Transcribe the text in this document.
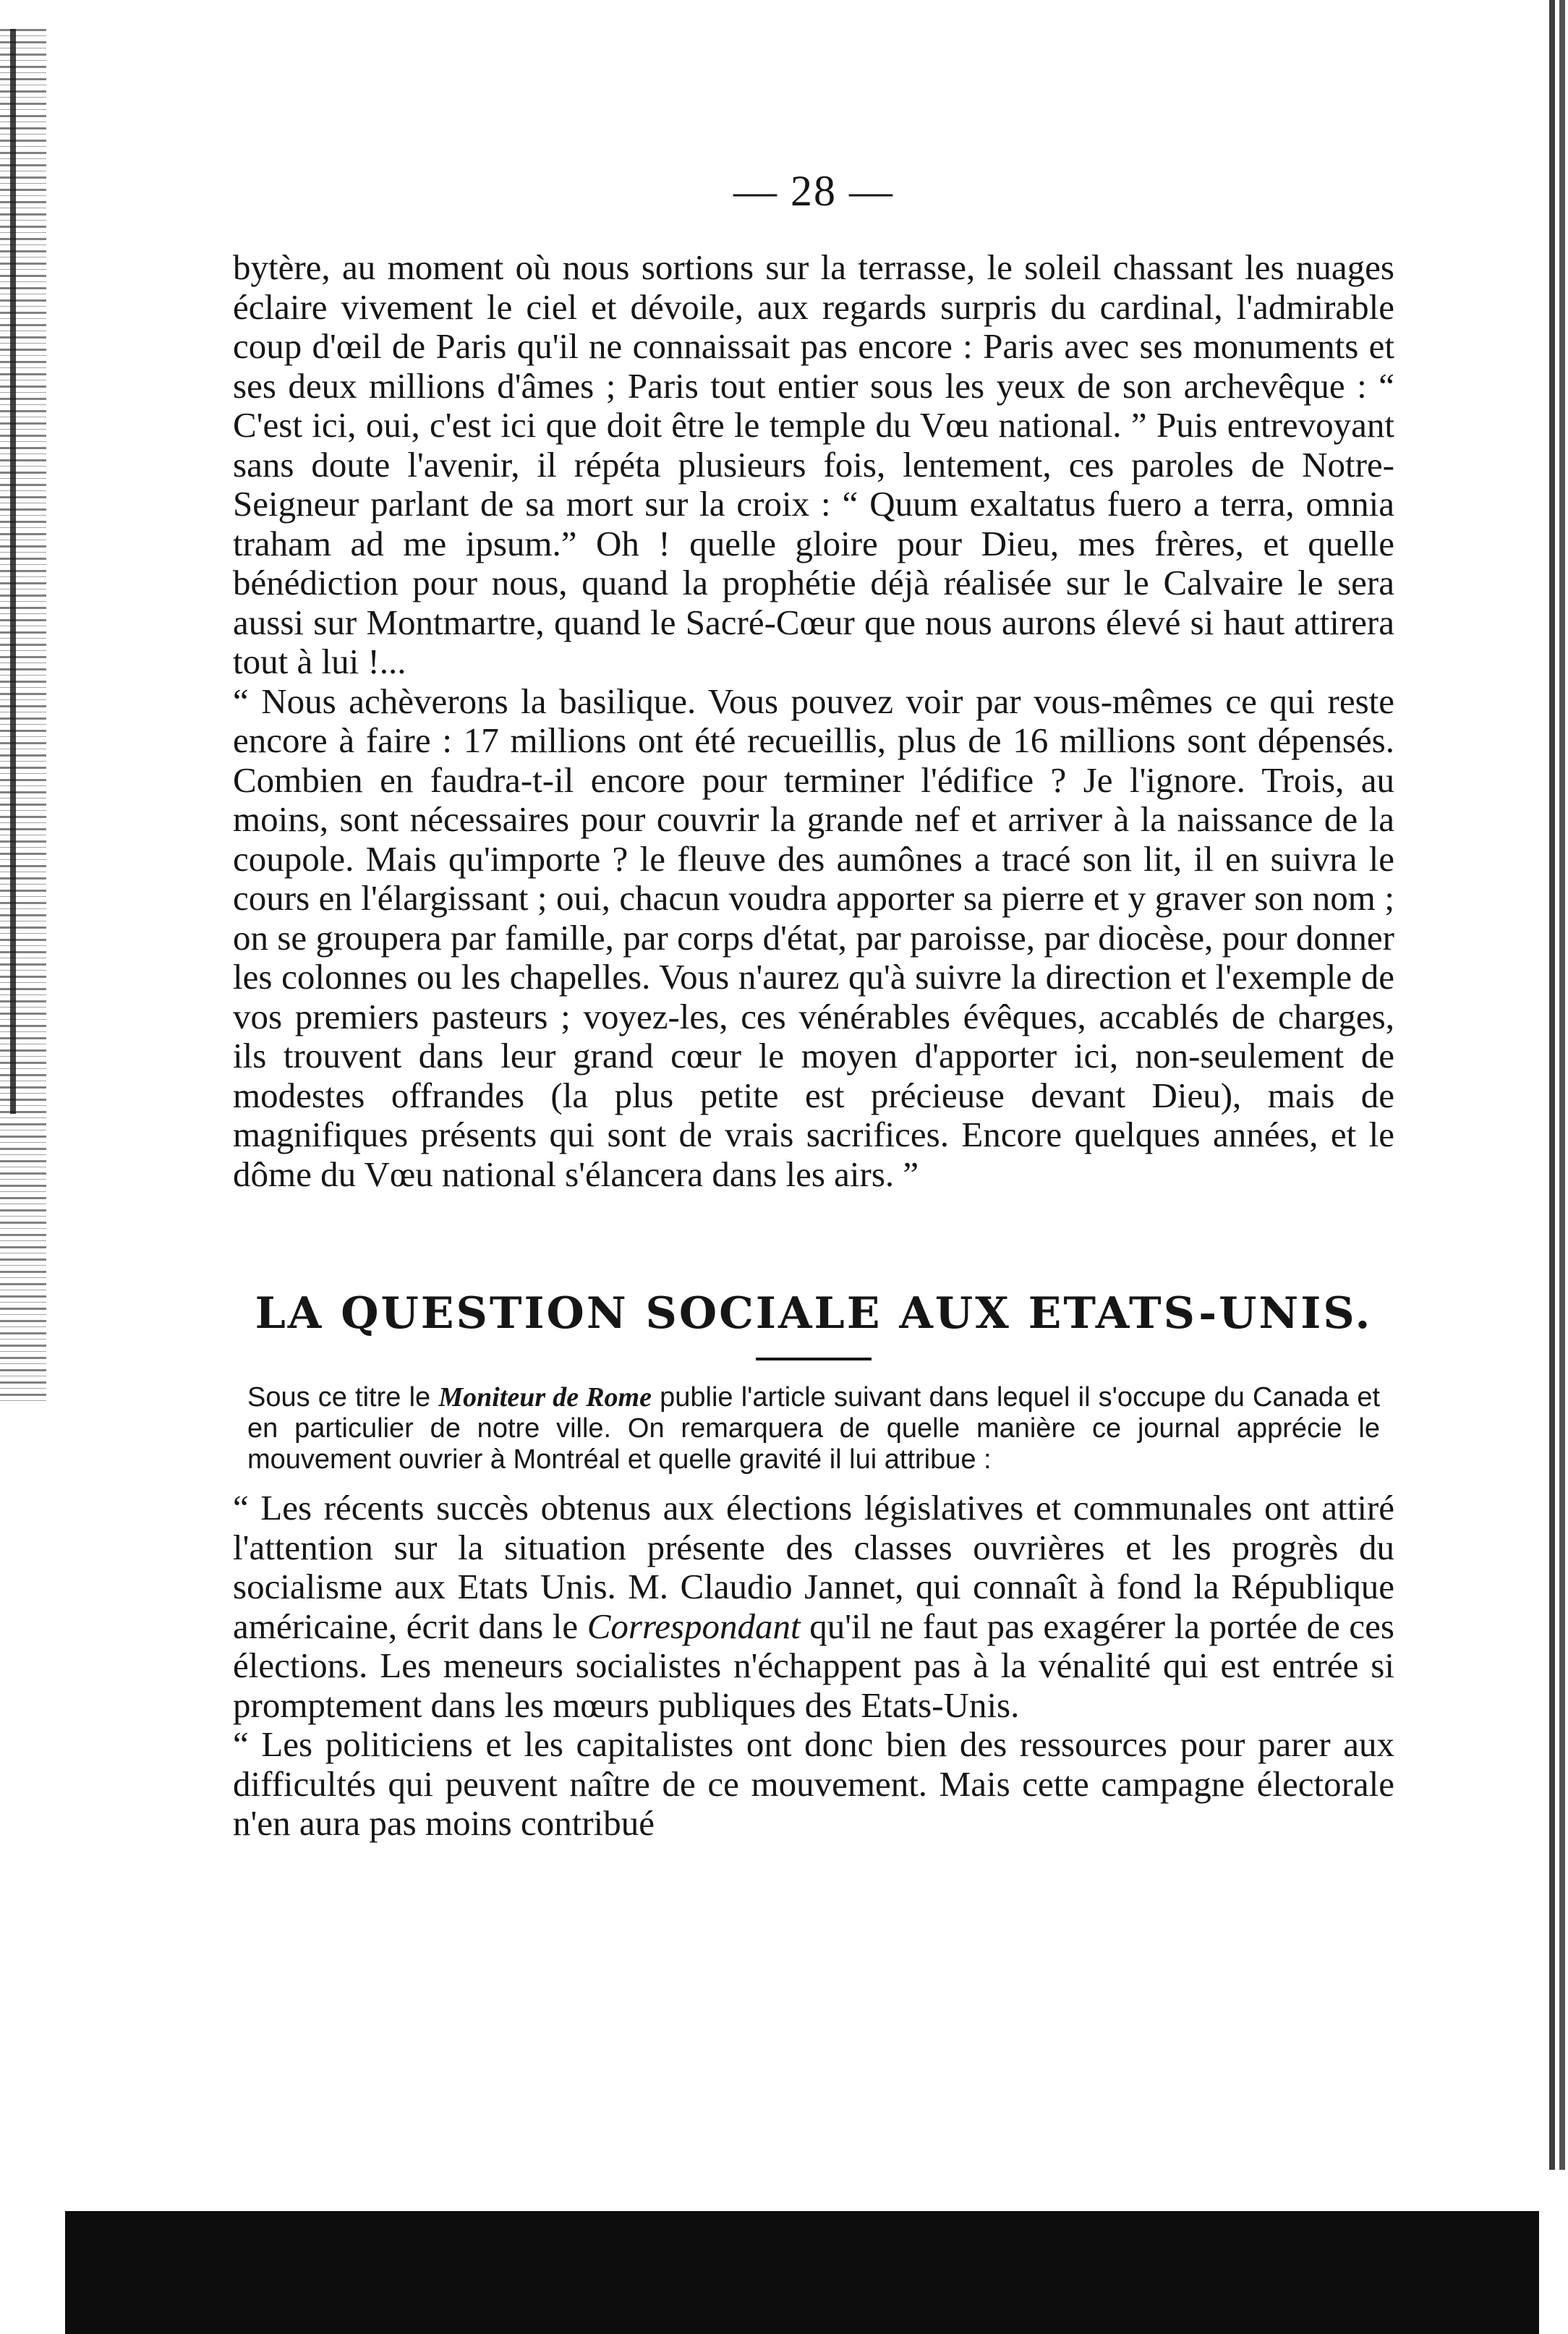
— 28 —

bytère, au moment où nous sortions sur la terrasse, le soleil chassant les nuages éclaire vivement le ciel et dévoile, aux regards surpris du cardinal, l'admirable coup d'œil de Paris qu'il ne connaissait pas encore : Paris avec ses monuments et ses deux millions d'âmes ; Paris tout entier sous les yeux de son archevêque : “ C'est ici, oui, c'est ici que doit être le temple du Vœu national. ” Puis entrevoyant sans doute l'avenir, il répéta plusieurs fois, lentement, ces paroles de Notre-Seigneur parlant de sa mort sur la croix : “ Quum exaltatus fuero a terra, omnia traham ad me ipsum.” Oh ! quelle gloire pour Dieu, mes frères, et quelle bénédiction pour nous, quand la prophétie déjà réalisée sur le Calvaire le sera aussi sur Montmartre, quand le Sacré-Cœur que nous aurons élevé si haut attirera tout à lui !...

“ Nous achèverons la basilique. Vous pouvez voir par vous-mêmes ce qui reste encore à faire : 17 millions ont été recueillis, plus de 16 millions sont dépensés. Combien en faudra-t-il encore pour terminer l'édifice ? Je l'ignore. Trois, au moins, sont nécessaires pour couvrir la grande nef et arriver à la naissance de la coupole. Mais qu'importe ? le fleuve des aumônes a tracé son lit, il en suivra le cours en l'élargissant ; oui, chacun voudra apporter sa pierre et y graver son nom ; on se groupera par famille, par corps d'état, par paroisse, par diocèse, pour donner les colonnes ou les chapelles. Vous n'aurez qu'à suivre la direction et l'exemple de vos premiers pasteurs ; voyez-les, ces vénérables évêques, accablés de charges, ils trouvent dans leur grand cœur le moyen d'apporter ici, non-seulement de modestes offrandes (la plus petite est précieuse devant Dieu), mais de magnifiques présents qui sont de vrais sacrifices. Encore quelques années, et le dôme du Vœu national s'élancera dans les airs. ”

LA QUESTION SOCIALE AUX ETATS-UNIS.

Sous ce titre le Moniteur de Rome publie l'article suivant dans lequel il s'occupe du Canada et en particulier de notre ville. On remarquera de quelle manière ce journal apprécie le mouvement ouvrier à Montréal et quelle gravité il lui attribue :

“ Les récents succès obtenus aux élections législatives et communales ont attiré l'attention sur la situation présente des classes ouvrières et les progrès du socialisme aux Etats Unis. M. Claudio Jannet, qui connaît à fond la République américaine, écrit dans le Correspondant qu'il ne faut pas exagérer la portée de ces élections. Les meneurs socialistes n'échappent pas à la vénalité qui est entrée si promptement dans les mœurs publiques des Etats-Unis.

“ Les politiciens et les capitalistes ont donc bien des ressources pour parer aux difficultés qui peuvent naître de ce mouvement. Mais cette campagne électorale n'en aura pas moins contribué
